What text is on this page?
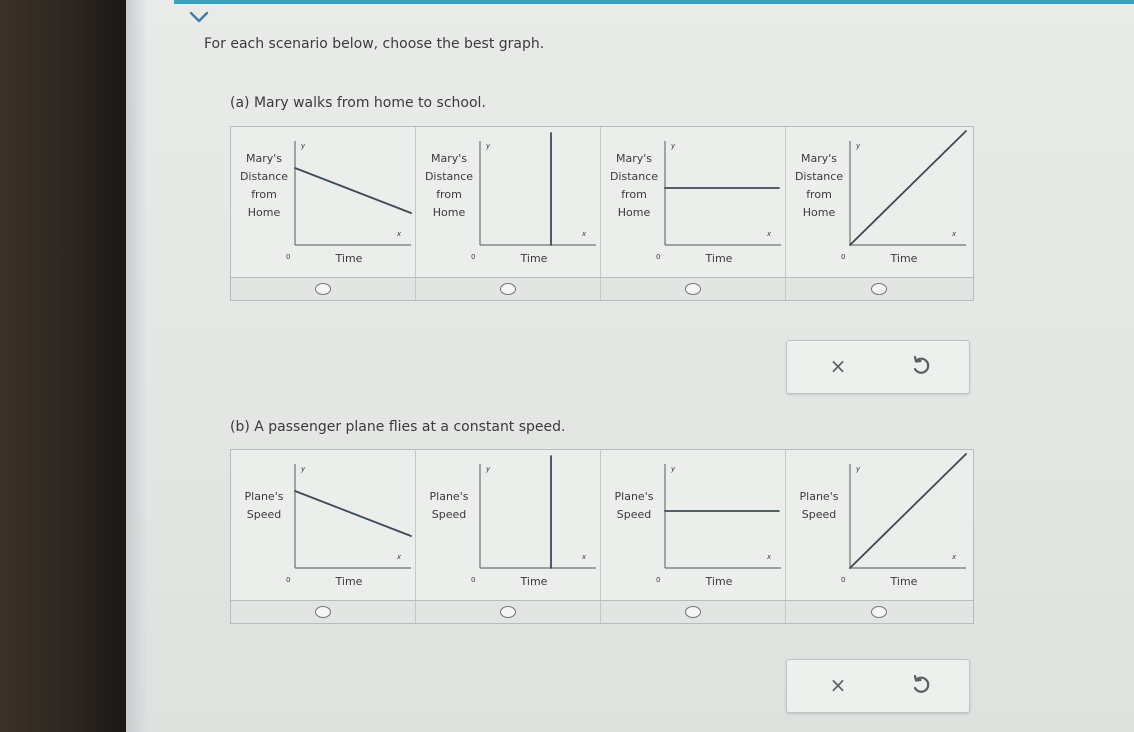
For each scenario below, choose the best graph.
(a) Mary walks from home to school.
Mary's
Distance
from
Home
y
x
0	Time
Mary's
Distance
from
Home
y
x
0	Time
Mary's
Distance
from
Home
y
x
0	Time
Mary's
Distance
from
Home
y
x
0	Time
×
(b) A passenger plane flies at a constant speed.
Plane's
Speed
y
x
0	Time
Plane's
Speed
y
x
0	Time
Plane's
Speed
y
x
0	Time
Plane's
Speed
y
x
0	Time
×
